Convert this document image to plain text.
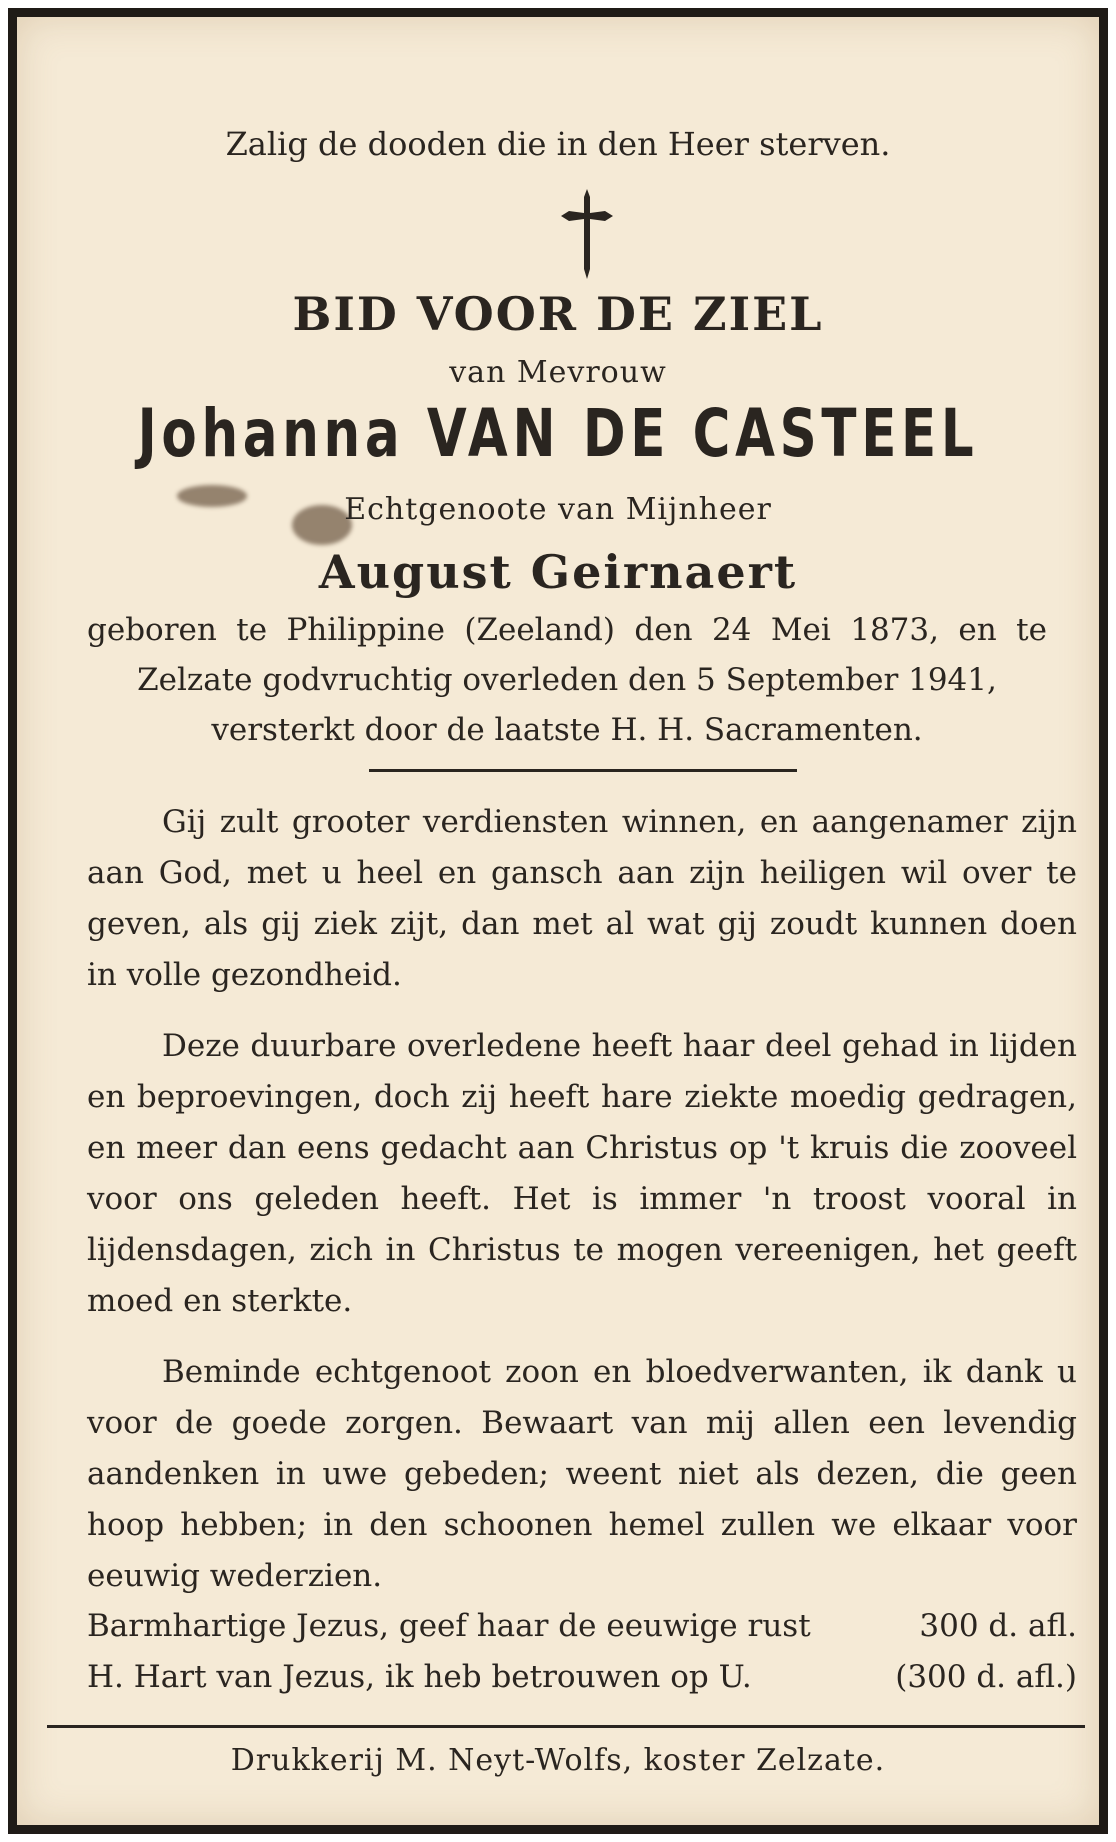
Zalig de dooden die in den Heer sterven.
BID VOOR DE ZIEL
van Mevrouw
Johanna VAN DE CASTEEL
Echtgenoote van Mijnheer
August Geirnaert
geboren te Philippine (Zeeland) den 24 Mei 1873, en te
Zelzate godvruchtig overleden den 5 September 1941,
versterkt door de laatste H. H. Sacramenten.
Gij zult grooter verdiensten winnen, en aangenamer zijn aan God, met u heel en gansch aan zijn heiligen wil over te geven, als gij ziek zijt, dan met al wat gij zoudt kunnen doen in volle gezondheid.
Deze duurbare overledene heeft haar deel gehad in lijden en beproevingen, doch zij heeft hare ziekte moedig gedragen, en meer dan eens gedacht aan Christus op 't kruis die zooveel voor ons geleden heeft. Het is immer 'n troost vooral in lijdensdagen, zich in Christus te mogen vereenigen, het geeft moed en sterkte.
Beminde echtgenoot zoon en bloedverwanten, ik dank u voor de goede zorgen. Bewaart van mij allen een levendig aandenken in uwe gebeden; weent niet als dezen, die geen hoop hebben; in den schoonen hemel zullen we elkaar voor eeuwig wederzien.
Barmhartige Jezus, geef haar de eeuwige rust	300 d. afl.
H. Hart van Jezus, ik heb betrouwen op U.	(300 d. afl.)
Drukkerij M. Neyt-Wolfs, koster Zelzate.
